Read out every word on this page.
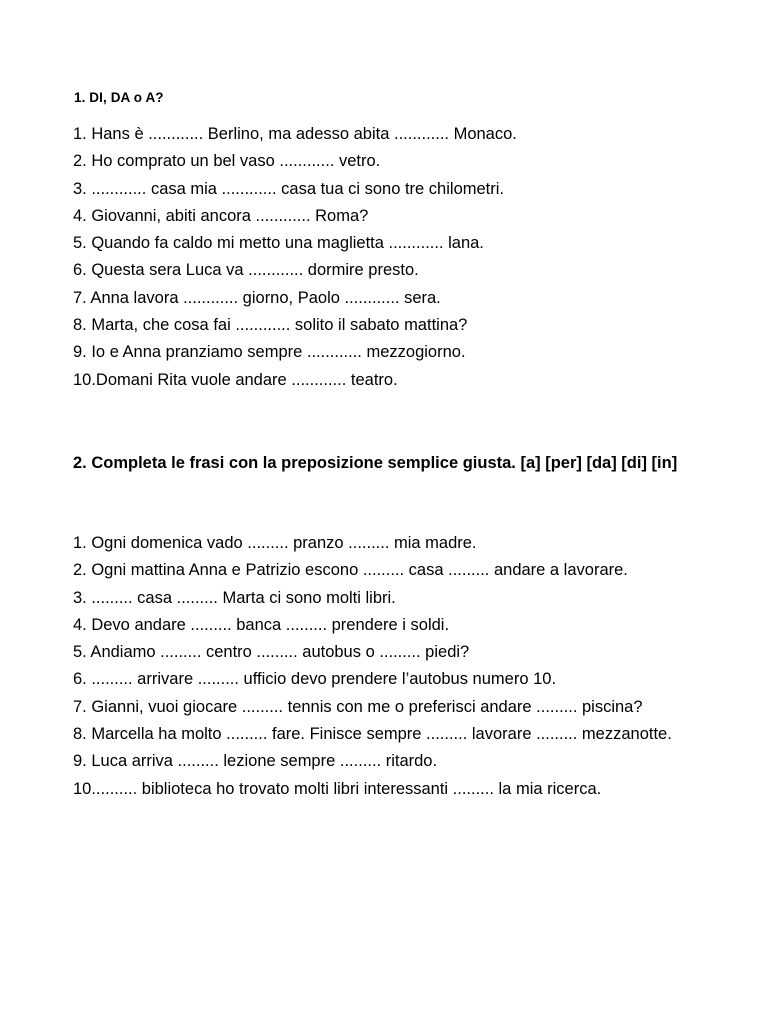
1. DI, DA o A?
1. Hans è ............ Berlino, ma adesso abita ............ Monaco.
2. Ho comprato un bel vaso ............ vetro.
3. ............ casa mia ............ casa tua ci sono tre chilometri.
4. Giovanni, abiti ancora ............ Roma?
5. Quando fa caldo mi metto una maglietta ............ lana.
6. Questa sera Luca va ............ dormire presto.
7. Anna lavora ............ giorno, Paolo ............ sera.
8. Marta, che cosa fai ............ solito il sabato mattina?
9. Io e Anna pranziamo sempre ............ mezzogiorno.
10.Domani Rita vuole andare ............ teatro.
2. Completa le frasi con la preposizione semplice giusta. [a] [per] [da] [di] [in]
1. Ogni domenica vado ......... pranzo ......... mia madre.
2. Ogni mattina Anna e Patrizio escono ......... casa ......... andare a lavorare.
3. ......... casa ......... Marta ci sono molti libri.
4. Devo andare ......... banca ......... prendere i soldi.
5. Andiamo ......... centro ......... autobus o ......... piedi?
6. ......... arrivare ......... ufficio devo prendere l’autobus numero 10.
7. Gianni, vuoi giocare ......... tennis con me o preferisci andare ......... piscina?
8. Marcella ha molto ......... fare. Finisce sempre ......... lavorare ......... mezzanotte.
9. Luca arriva ......... lezione sempre ......... ritardo.
10.......... biblioteca ho trovato molti libri interessanti ......... la mia ricerca.
